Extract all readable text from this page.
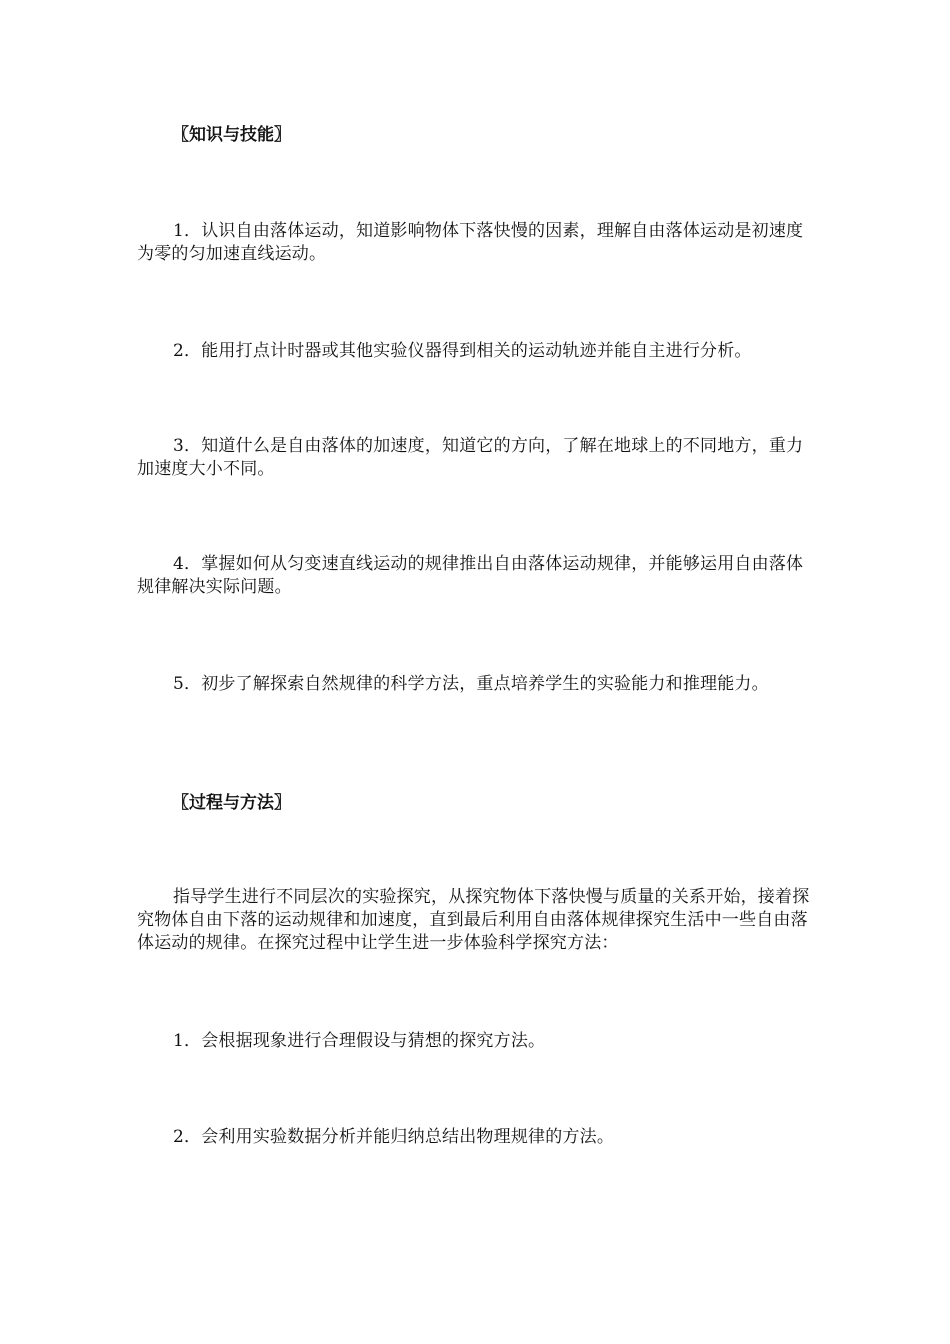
〖知识与技能〗
1．认识自由落体运动，知道影响物体下落快慢的因素，理解自由落体运动是初速度为零的匀加速直线运动。
2．能用打点计时器或其他实验仪器得到相关的运动轨迹并能自主进行分析。
3．知道什么是自由落体的加速度，知道它的方向，了解在地球上的不同地方，重力加速度大小不同。
4．掌握如何从匀变速直线运动的规律推出自由落体运动规律，并能够运用自由落体规律解决实际问题。
5．初步了解探索自然规律的科学方法，重点培养学生的实验能力和推理能力。
〖过程与方法〗
指导学生进行不同层次的实验探究，从探究物体下落快慢与质量的关系开始，接着探究物体自由下落的运动规律和加速度，直到最后利用自由落体规律探究生活中一些自由落体运动的规律。在探究过程中让学生进一步体验科学探究方法：
1．会根据现象进行合理假设与猜想的探究方法。
2．会利用实验数据分析并能归纳总结出物理规律的方法。
